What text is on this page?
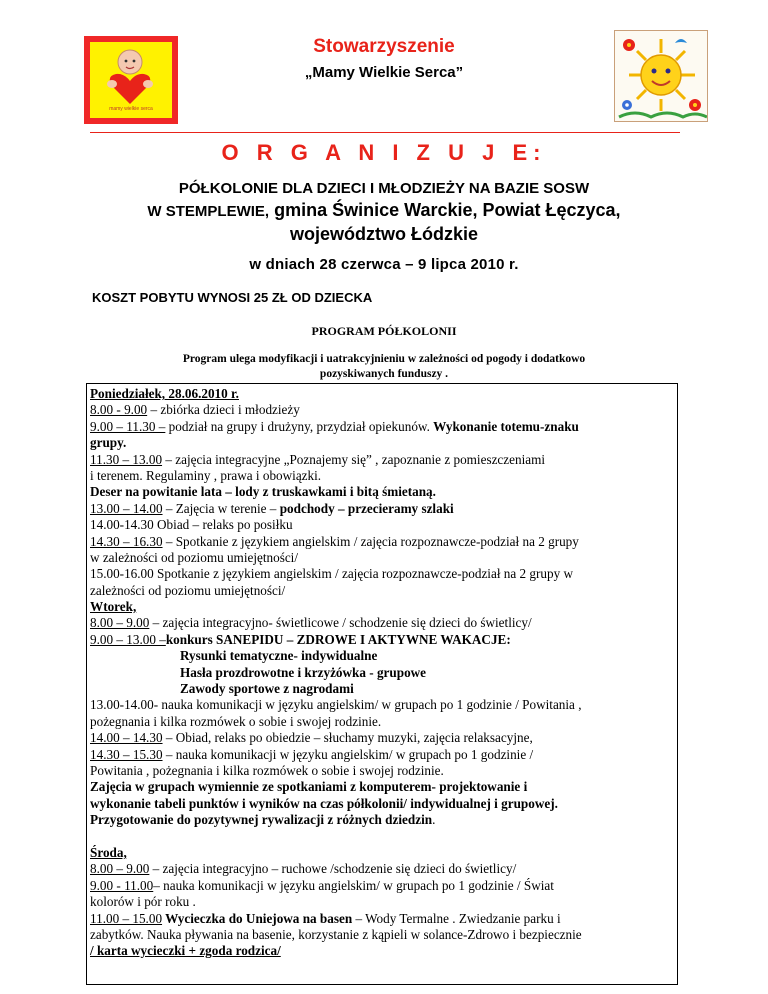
mamy wielkie serca
Stowarzyszenie
„Mamy Wielkie Serca”
O R G A N I Z U J E:
PÓŁKOLONIE DLA DZIECI I MŁODZIEŻY NA BAZIE SOSW
W STEMPLEWIE, gmina Świnice Warckie, Powiat Łęczyca,
województwo Łódzkie
w dniach 28 czerwca – 9 lipca 2010 r.
KOSZT POBYTU WYNOSI 25 ZŁ OD DZIECKA
PROGRAM PÓŁKOLONII
Program ulega modyfikacji i uatrakcyjnieniu w zależności od pogody i dodatkowo
pozyskiwanych funduszy .
Poniedziałek, 28.06.2010 r.
8.00 - 9.00 – zbiórka dzieci i młodzieży
9.00 – 11.30 – podział na grupy i drużyny, przydział opiekunów. Wykonanie totemu-znaku
grupy.
11.30 – 13.00 – zajęcia integracyjne „Poznajemy się” , zapoznanie z pomieszczeniami
i terenem. Regulaminy , prawa i obowiązki.
Deser na powitanie lata – lody z truskawkami i bitą śmietaną.
13.00 – 14.00 – Zajęcia w terenie – podchody – przecieramy szlaki
14.00-14.30 Obiad – relaks po posiłku
14.30 – 16.30 – Spotkanie z językiem angielskim / zajęcia rozpoznawcze-podział na 2 grupy
w zależności od poziomu umiejętności/
15.00-16.00 Spotkanie z językiem angielskim / zajęcia rozpoznawcze-podział na 2 grupy w
zależności od poziomu umiejętności/
Wtorek,
8.00 – 9.00 – zajęcia integracyjno- świetlicowe / schodzenie się dzieci do świetlicy/
9.00 – 13.00 –konkurs SANEPIDU – ZDROWE I AKTYWNE WAKACJE:
Rysunki tematyczne- indywidualne
Hasła prozdrowotne i krzyżówka - grupowe
Zawody sportowe z nagrodami
13.00-14.00- nauka komunikacji w języku angielskim/ w grupach po 1 godzinie / Powitania ,
pożegnania i kilka rozmówek o sobie i swojej rodzinie.
14.00 – 14.30 – Obiad, relaks po obiedzie – słuchamy muzyki, zajęcia relaksacyjne,
14.30 – 15.30 – nauka komunikacji w języku angielskim/ w grupach po 1 godzinie /
Powitania , pożegnania i kilka rozmówek o sobie i swojej rodzinie.
Zajęcia w grupach wymiennie ze spotkaniami z komputerem- projektowanie i
wykonanie tabeli punktów i wyników na czas półkolonii/ indywidualnej i grupowej.
Przygotowanie do pozytywnej rywalizacji z różnych dziedzin.
Środa,
8.00 – 9.00 – zajęcia integracyjno – ruchowe /schodzenie się dzieci do świetlicy/
9.00 - 11.00– nauka komunikacji w języku angielskim/ w grupach po 1 godzinie / Świat
kolorów i pór roku .
11.00 – 15.00 Wycieczka do Uniejowa na basen – Wody Termalne . Zwiedzanie parku i
zabytków. Nauka pływania na basenie, korzystanie z kąpieli w solance-Zdrowo i bezpiecznie
/ karta wycieczki + zgoda rodzica/
